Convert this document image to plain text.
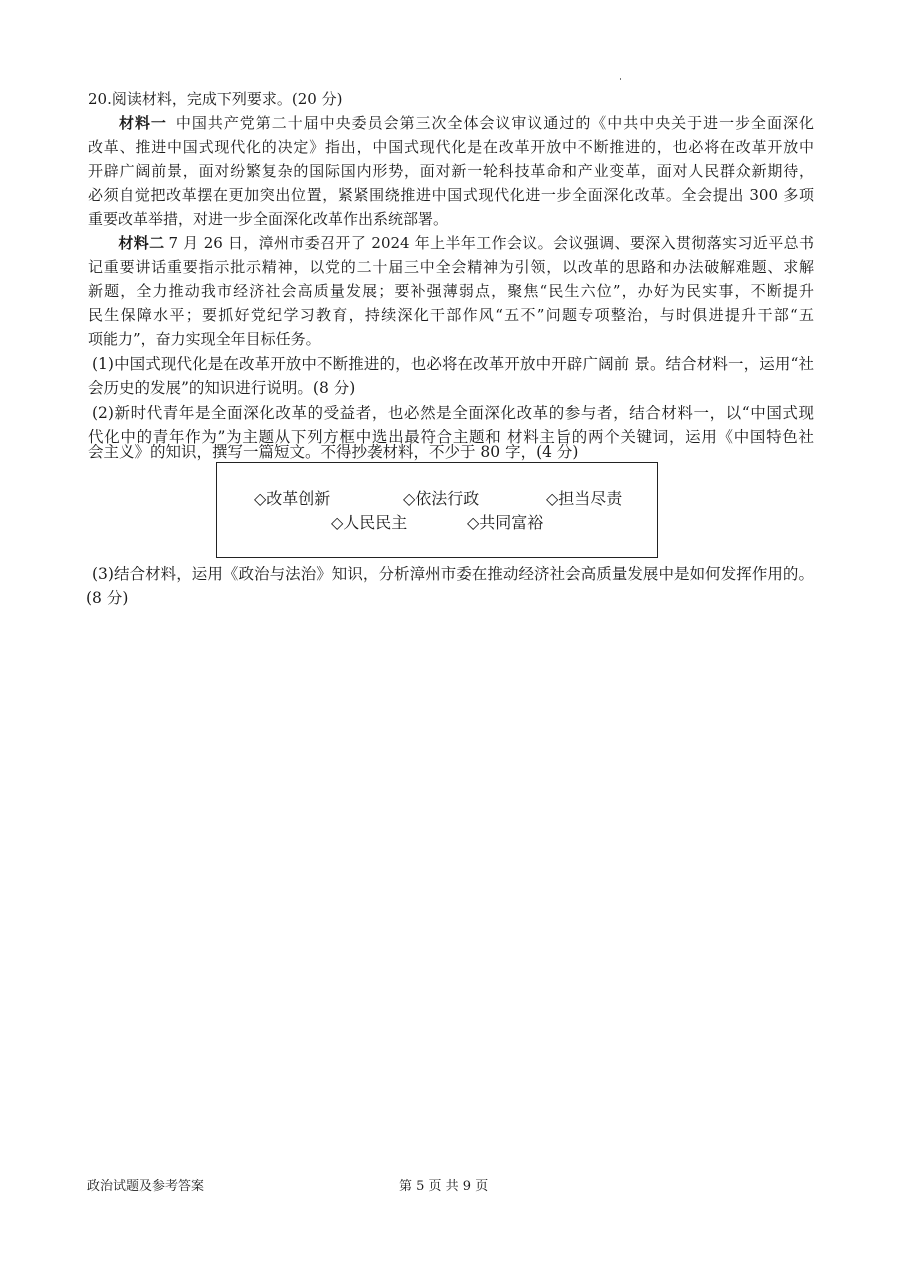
20.阅读材料，完成下列要求。(20 分)
材料一 中国共产党第二十届中央委员会第三次全体会议审议通过的《中共中央关于进一步全面深化
改革、推进中国式现代化的决定》指出，中国式现代化是在改革开放中不断推进的，也必将在改革开放中
开辟广阔前景，面对纷繁复杂的国际国内形势，面对新一轮科技革命和产业变革，面对人民群众新期待，
必须自觉把改革摆在更加突出位置，紧紧围绕推进中国式现代化进一步全面深化改革。全会提出 300 多项
重要改革举措，对进一步全面深化改革作出系统部署。
材料二 7 月 26 日，漳州市委召开了 2024 年上半年工作会议。会议强调、要深入贯彻落实习近平总书
记重要讲话重要指示批示精神，以党的二十届三中全会精神为引领，以改革的思路和办法破解难题、求解
新题，全力推动我市经济社会高质量发展；要补强薄弱点，聚焦“民生六位”，办好为民实事，不断提升
民生保障水平；要抓好党纪学习教育，持续深化干部作风“五不”问题专项整治，与时俱进提升干部“五
项能力”，奋力实现全年目标任务。
(1)中国式现代化是在改革开放中不断推进的，也必将在改革开放中开辟广阔前 景。结合材料一，运用“社
会历史的发展”的知识进行说明。(8 分)
(2)新时代青年是全面深化改革的受益者，也必然是全面深化改革的参与者，结合材料一，以“中国式现
代化中的青年作为”为主题从下列方框中选出最符合主题和 材料主旨的两个关键词，运用《中国特色社
会主义》的知识，撰写一篇短文。不得抄袭材料，不少于 80 字，(4 分)
◇改革创新	◇依法行政	◇担当尽责
◇人民民主	◇共同富裕
(3)结合材料，运用《政治与法治》知识，分析漳州市委在推动经济社会高质量发展中是如何发挥作用的。
(8 分)
政治试题及参考答案	第 5 页 共 9 页
